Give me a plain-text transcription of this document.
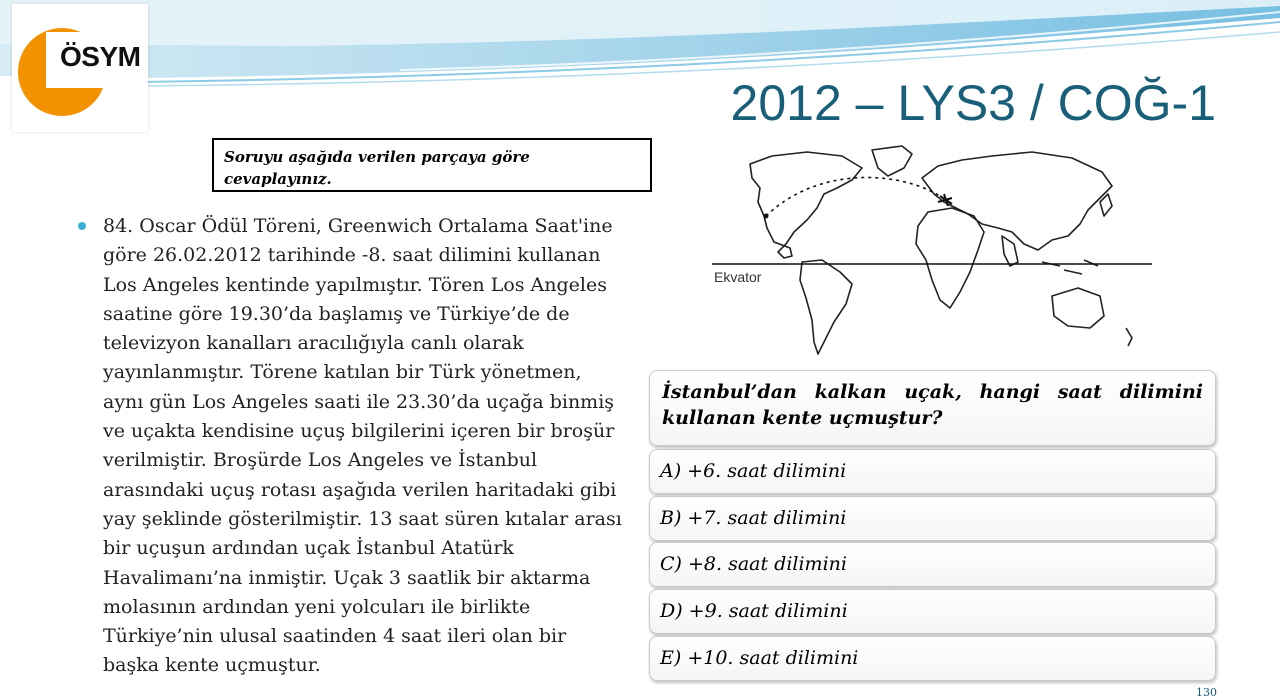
ÖSYM
2012 – LYS3 / COĞ-1
Soruyu aşağıda verilen parçaya göre cevaplayınız.
84. Oscar Ödül Töreni, Greenwich Ortalama Saat'ine göre 26.02.2012 tarihinde -8. saat dilimini kullanan Los Angeles kentinde yapılmıştır. Tören Los Angeles saatine göre 19.30’da başlamış ve Türkiye’de de televizyon kanalları aracılığıyla canlı olarak yayınlanmıştır. Törene katılan bir Türk yönetmen, aynı gün Los Angeles saati ile 23.30’da uçağa binmiş ve uçakta kendisine uçuş bilgilerini içeren bir broşür verilmiştir. Broşürde Los Angeles ve İstanbul arasındaki uçuş rotası aşağıda verilen haritadaki gibi yay şeklinde gösterilmiştir. 13 saat süren kıtalar arası bir uçuşun ardından uçak İstanbul Atatürk Havalimanı’na inmiştir. Uçak 3 saatlik bir aktarma molasının ardından yeni yolcuları ile birlikte Türkiye’nin ulusal saatinden 4 saat ileri olan bir başka kente uçmuştur.
Ekvator
İstanbul’dan kalkan uçak, hangi saat dilimini kullanan kente uçmuştur?
A) +6. saat dilimini
B) +7. saat dilimini
C) +8. saat dilimini
D) +9. saat dilimini
E) +10. saat dilimini
130
